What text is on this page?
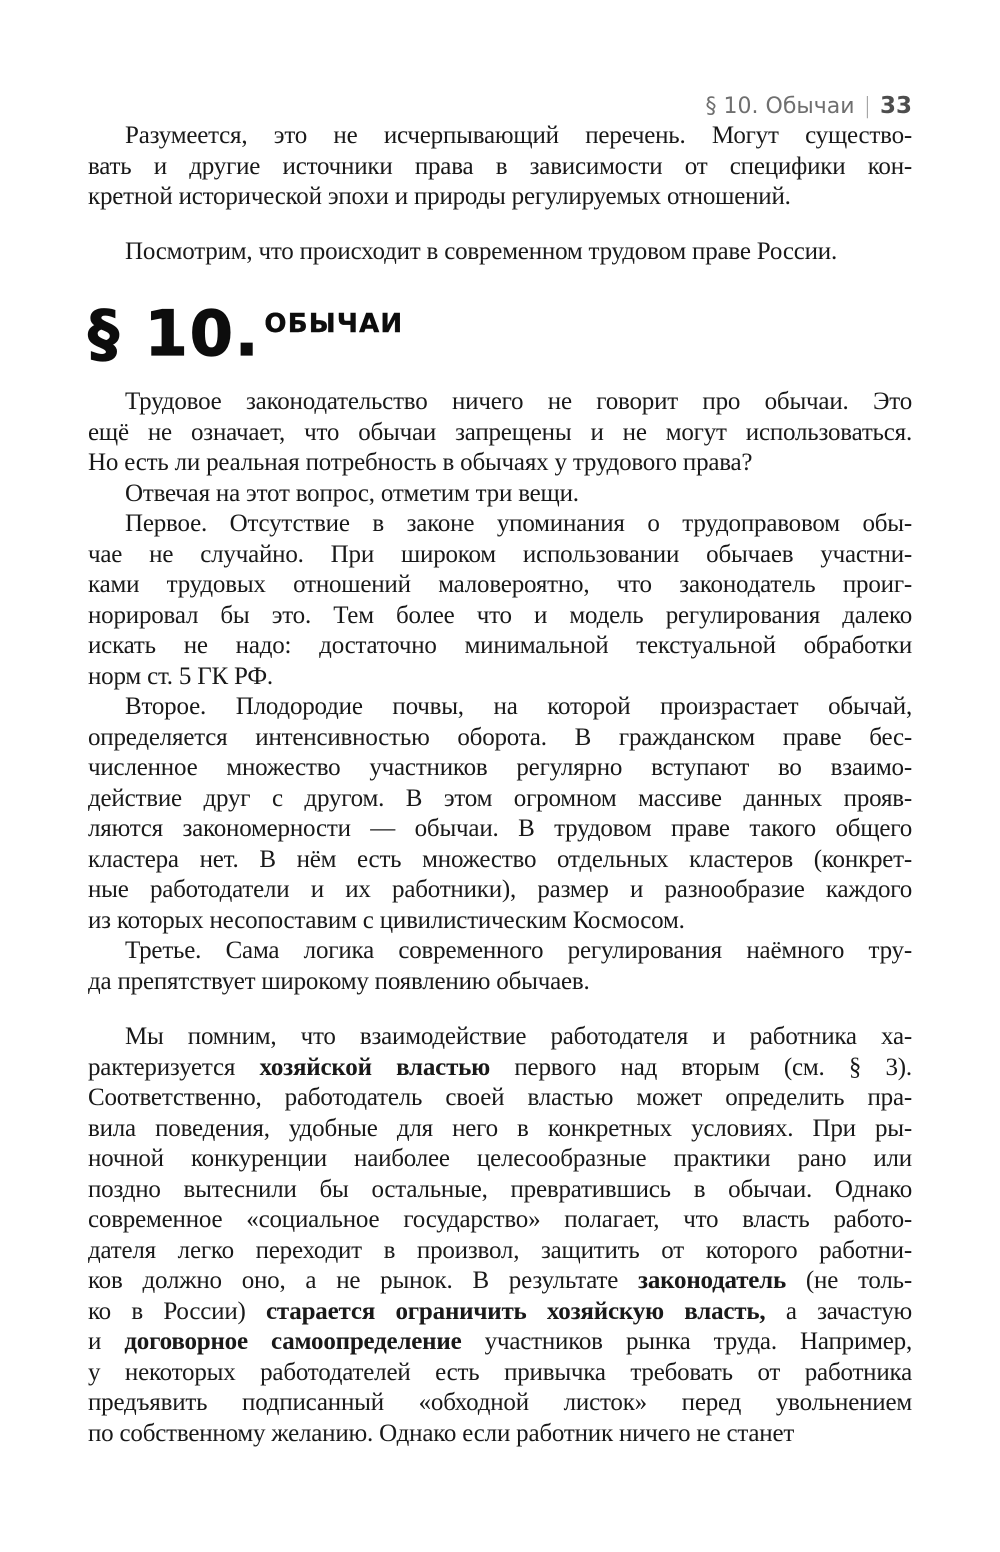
§ 10. Обычаи | 33
Разумеется, это не исчерпывающий перечень. Могут существо-
вать и другие источники права в зависимости от специфики кон-
кретной исторической эпохи и природы регулируемых отношений.
Посмотрим, что происходит в современном трудовом праве России.
§ 10. ОБЫЧАИ
Трудовое законодательство ничего не говорит про обычаи. Это
ещё не означает, что обычаи запрещены и не могут использоваться.
Но есть ли реальная потребность в обычаях у трудового права?
Отвечая на этот вопрос, отметим три вещи.
Первое. Отсутствие в законе упоминания о трудоправовом обы-
чае не случайно. При широком использовании обычаев участни-
ками трудовых отношений маловероятно, что законодатель проиг-
норировал бы это. Тем более что и модель регулирования далеко
искать не надо: достаточно минимальной текстуальной обработки
норм ст. 5 ГК РФ.
Второе. Плодородие почвы, на которой произрастает обычай,
определяется интенсивностью оборота. В гражданском праве бес-
численное множество участников регулярно вступают во взаимо-
действие друг с другом. В этом огромном массиве данных прояв-
ляются закономерности — обычаи. В трудовом праве такого общего
кластера нет. В нём есть множество отдельных кластеров (конкрет-
ные работодатели и их работники), размер и разнообразие каждого
из которых несопоставим с цивилистическим Космосом.
Третье. Сама логика современного регулирования наёмного тру-
да препятствует широкому появлению обычаев.
Мы помним, что взаимодействие работодателя и работника ха-
рактеризуется хозяйской властью первого над вторым (см. § 3).
Соответственно, работодатель своей властью может определить пра-
вила поведения, удобные для него в конкретных условиях. При ры-
ночной конкуренции наиболее целесообразные практики рано или
поздно вытеснили бы остальные, превратившись в обычаи. Однако
современное «социальное государство» полагает, что власть работо-
дателя легко переходит в произвол, защитить от которого работни-
ков должно оно, а не рынок. В результате законодатель (не толь-
ко в России) старается ограничить хозяйскую власть, а зачастую
и договорное самоопределение участников рынка труда. Например,
у некоторых работодателей есть привычка требовать от работника
предъявить подписанный «обходной листок» перед увольнением
по собственному желанию. Однако если работник ничего не станет
